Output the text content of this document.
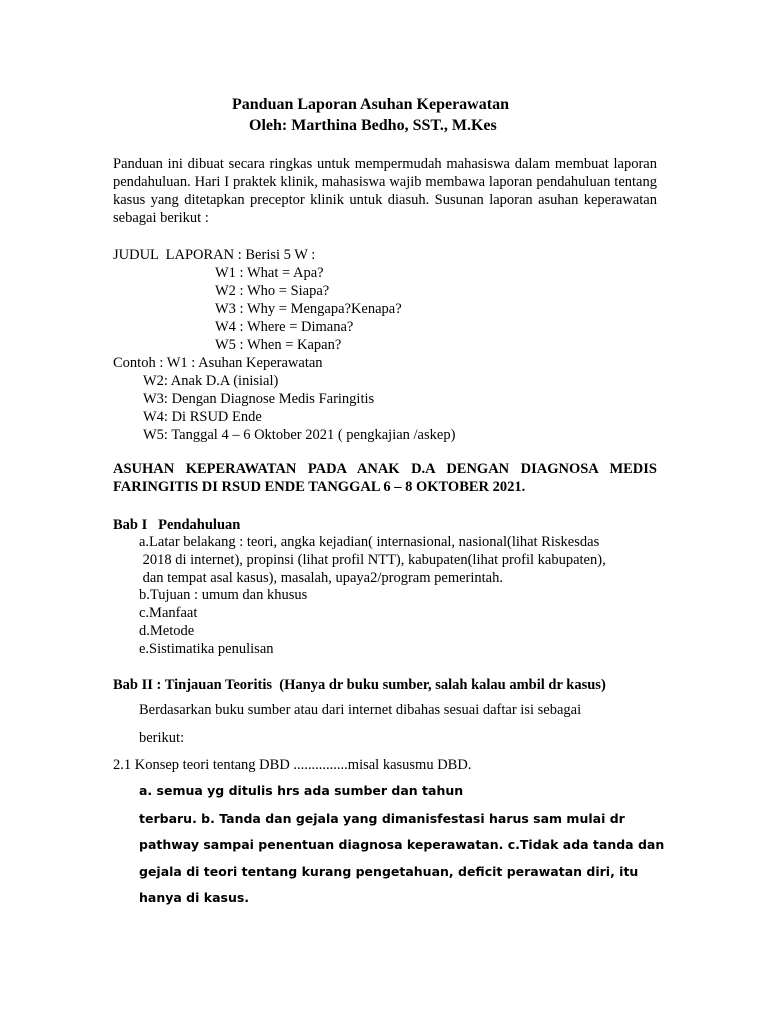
Panduan Laporan Asuhan Keperawatan
Oleh: Marthina Bedho, SST., M.Kes
Panduan ini dibuat secara ringkas untuk mempermudah mahasiswa dalam membuat laporan pendahuluan. Hari I praktek klinik, mahasiswa wajib membawa laporan pendahuluan tentang kasus yang ditetapkan preceptor klinik untuk diasuh. Susunan laporan asuhan keperawatan sebagai berikut :
JUDUL  LAPORAN : Berisi 5 W :
W1 : What = Apa?
W2 : Who = Siapa?
W3 : Why = Mengapa?Kenapa?
W4 : Where = Dimana?
W5 : When = Kapan?
Contoh : W1 : Asuhan Keperawatan
W2: Anak D.A (inisial)
W3: Dengan Diagnose Medis Faringitis
W4: Di RSUD Ende
W5: Tanggal 4 – 6 Oktober 2021 ( pengkajian /askep)
ASUHAN KEPERAWATAN PADA ANAK D.A DENGAN DIAGNOSA MEDIS FARINGITIS DI RSUD ENDE TANGGAL 6 – 8 OKTOBER 2021.
Bab I   Pendahuluan
a.Latar belakang : teori, angka kejadian( internasional, nasional(lihat Riskesdas
2018 di internet), propinsi (lihat profil NTT), kabupaten(lihat profil kabupaten),
dan tempat asal kasus), masalah, upaya2/program pemerintah.
b.Tujuan : umum dan khusus
c.Manfaat
d.Metode
e.Sistimatika penulisan
Bab II : Tinjauan Teoritis  (Hanya dr buku sumber, salah kalau ambil dr kasus)
Berdasarkan buku sumber atau dari internet dibahas sesuai daftar isi sebagai
berikut:
2.1 Konsep teori tentang DBD ...............misal kasusmu DBD.
a. semua yg ditulis hrs ada sumber dan tahun
terbaru. b. Tanda dan gejala yang dimanisfestasi harus sam mulai dr
pathway sampai penentuan diagnosa keperawatan. c.Tidak ada tanda dan
gejala di teori tentang kurang pengetahuan, deficit perawatan diri, itu
hanya di kasus.
